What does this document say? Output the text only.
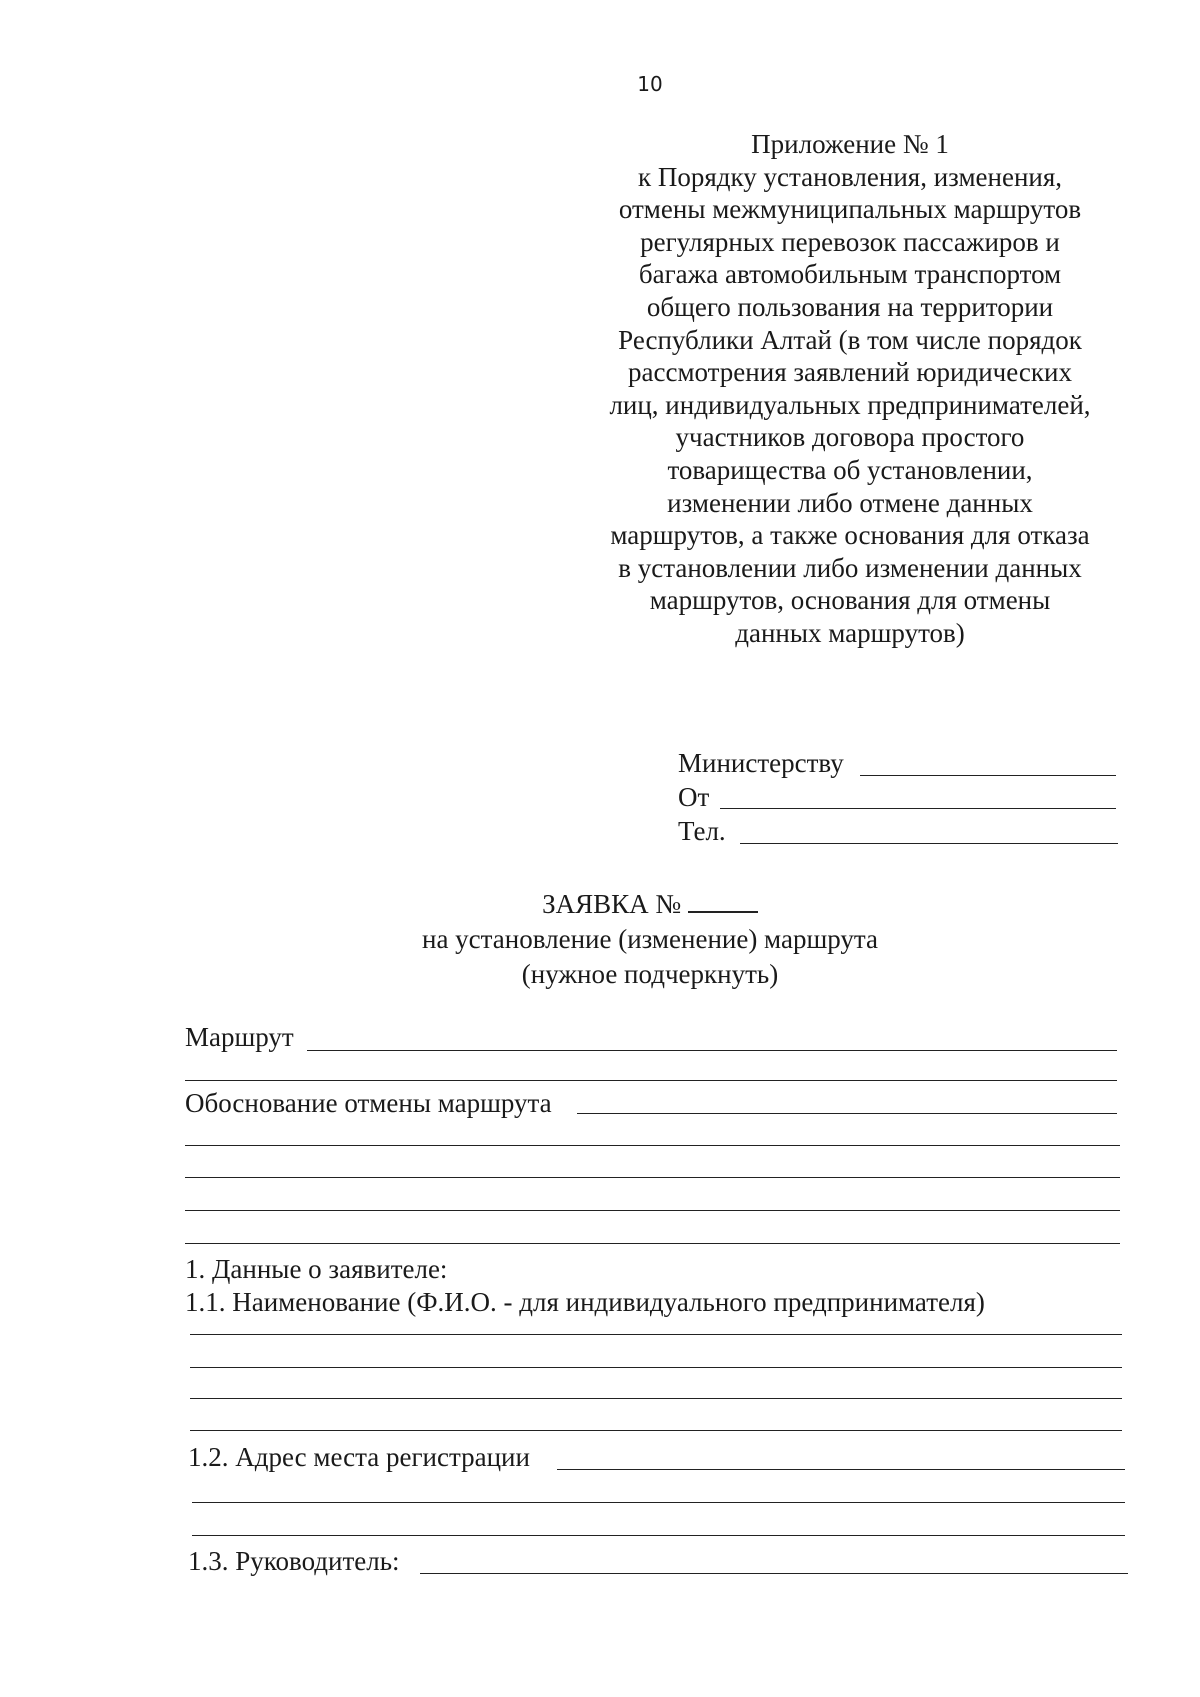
10
Приложение № 1
к Порядку установления, изменения,
отмены межмуниципальных маршрутов
регулярных перевозок пассажиров и
багажа автомобильным транспортом
общего пользования на территории
Республики Алтай (в том числе порядок
рассмотрения заявлений юридических
лиц, индивидуальных предпринимателей,
участников договора простого
товарищества об установлении,
изменении либо отмене данных
маршрутов, а также основания для отказа
в установлении либо изменении данных
маршрутов, основания для отмены
данных маршрутов)
Министерству
От
Тел.
ЗАЯВКА №
на установление (изменение) маршрута
(нужное подчеркнуть)
Маршрут
Обоснование отмены маршрута
1. Данные о заявителе:
1.1. Наименование (Ф.И.О. - для индивидуального предпринимателя)
1.2. Адрес места регистрации
1.3. Руководитель:
